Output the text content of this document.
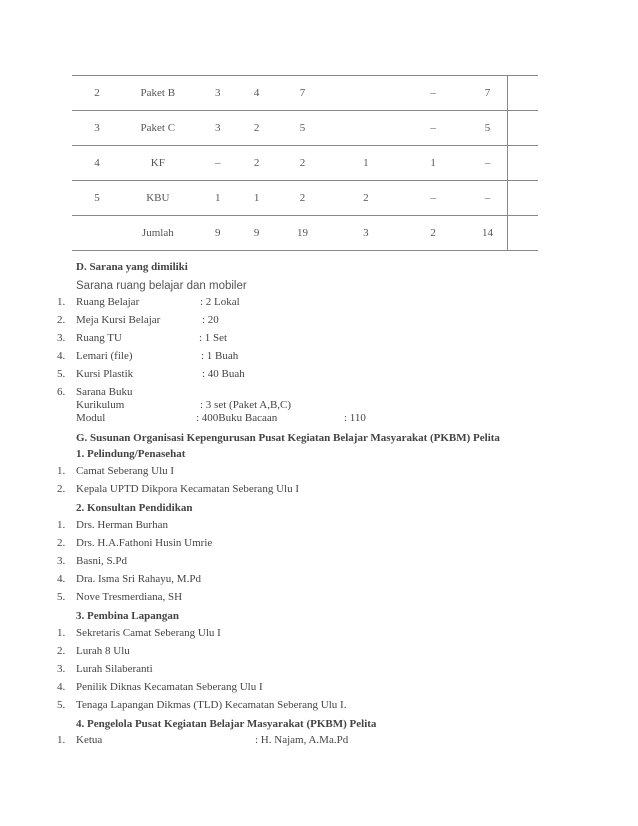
2	Paket B	3	4	7		–	7	
3	Paket C	3	2	5		–	5	
4	KF	–	2	2	1	1	–	
5	KBU	1	1	2	2	–	–	
	Jumlah	9	9	19	3	2	14	
D. Sarana yang dimiliki
Sarana ruang belajar dan mobiler
1. Ruang Belajar	: 2 Lokal
2. Meja Kursi Belajar	: 20
3. Ruang TU	: 1 Set
4. Lemari (file)	: 1 Buah
5. Kursi Plastik	: 40 Buah
6. Sarana Buku
Kurikulum	: 3 set (Paket A,B,C)
Modul	: 400Buku Bacaan	: 110
G. Susunan Organisasi Kepengurusan Pusat Kegiatan Belajar Masyarakat (PKBM) Pelita
1. Pelindung/Penasehat
1. Camat Seberang Ulu I
2. Kepala UPTD Dikpora Kecamatan Seberang Ulu I
2. Konsultan Pendidikan
1. Drs. Herman Burhan
2. Drs. H.A.Fathoni Husin Umrie
3. Basni, S.Pd
4. Dra. Isma Sri Rahayu, M.Pd
5. Nove Tresmerdiana, SH
3. Pembina Lapangan
1. Sekretaris Camat Seberang Ulu I
2. Lurah 8 Ulu
3. Lurah Silaberanti
4. Penilik Diknas Kecamatan Seberang Ulu I
5. Tenaga Lapangan Dikmas (TLD) Kecamatan Seberang Ulu I.
4. Pengelola Pusat Kegiatan Belajar Masyarakat (PKBM) Pelita
1. Ketua	: H. Najam, A.Ma.Pd
